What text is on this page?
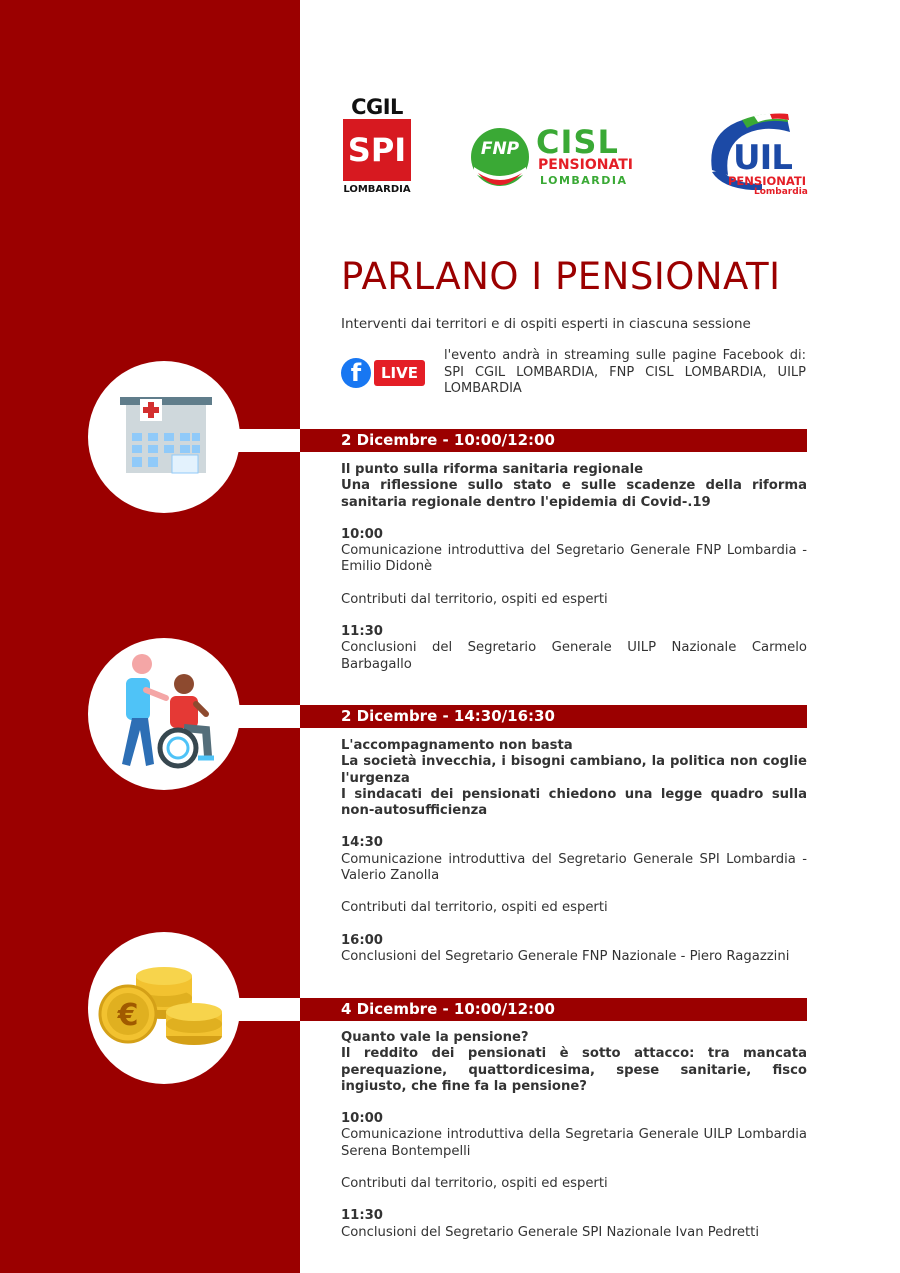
CGIL
SPI
LOMBARDIA
FNP CISL
PENSIONATI
LOMBARDIA
UIL
PENSIONATI
Lombardia
PARLANO I PENSIONATI
Interventi dai territori e di ospiti esperti in ciascuna sessione
f	LIVE
l'evento andrà in streaming sulle pagine Facebook di: SPI CGIL LOMBARDIA, FNP CISL LOMBARDIA, UILP LOMBARDIA
2 Dicembre - 10:00/12:00
2 Dicembre - 14:30/16:30
€	4 Dicembre - 10:00/12:00
Il punto sulla riforma sanitaria regionale
Una riflessione sullo stato e sulle scadenze della riforma sanitaria regionale dentro l'epidemia di Covid-.19
10:00
Comunicazione introduttiva del Segretario Generale FNP Lombardia - Emilio Didonè
Contributi dal territorio, ospiti ed esperti
11:30
Conclusioni del Segretario Generale UILP Nazionale Carmelo Barbagallo
L'accompagnamento non basta
La società invecchia, i bisogni cambiano, la politica non coglie l'urgenza
I sindacati dei pensionati chiedono una legge quadro sulla non-autosufficienza
14:30
Comunicazione introduttiva del Segretario Generale SPI Lombardia - Valerio Zanolla
Contributi dal territorio, ospiti ed esperti
16:00
Conclusioni del Segretario Generale FNP Nazionale - Piero Ragazzini
Quanto vale la pensione?
Il reddito dei pensionati è sotto attacco: tra mancata perequazione, quattordicesima, spese sanitarie, fisco ingiusto, che fine fa la pensione?
10:00
Comunicazione introduttiva della Segretaria Generale UILP Lombardia Serena Bontempelli
Contributi dal territorio, ospiti ed esperti
11:30
Conclusioni del Segretario Generale SPI Nazionale Ivan Pedretti
